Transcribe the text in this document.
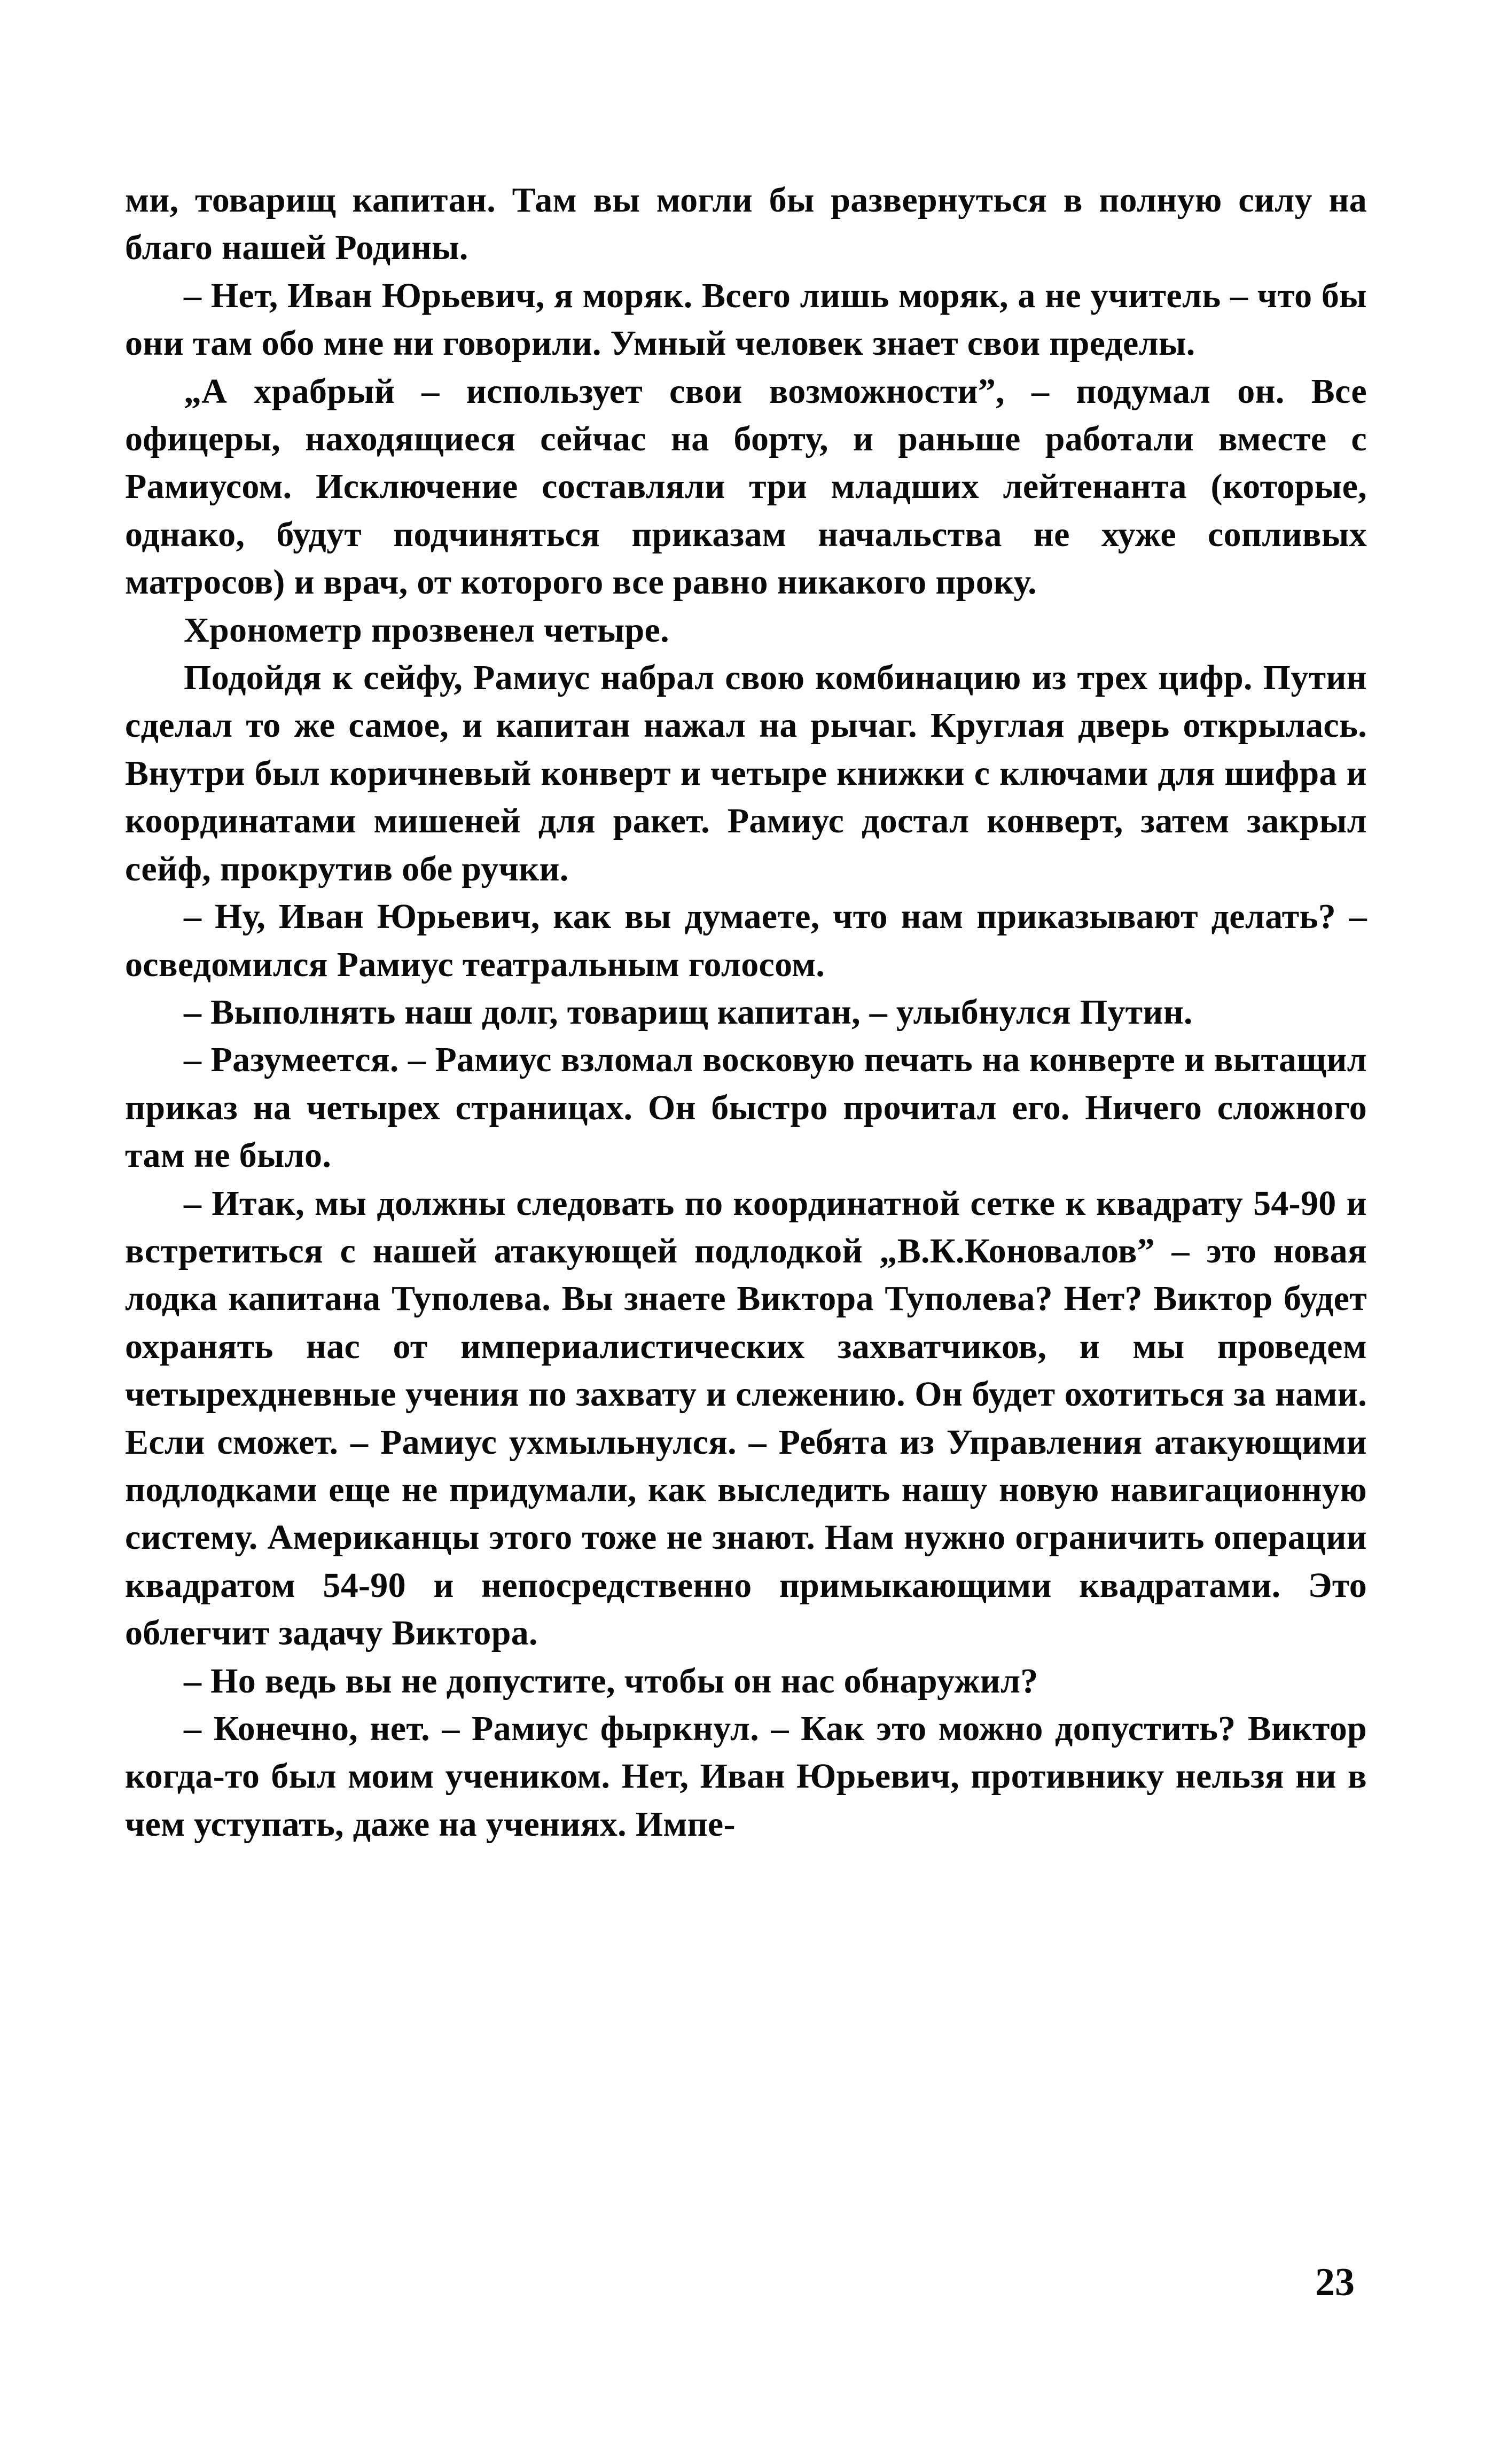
ми, товарищ капитан. Там вы могли бы развернуться в полную силу на благо нашей Родины.

– Нет, Иван Юрьевич, я моряк. Всего лишь моряк, а не учитель – что бы они там обо мне ни говорили. Умный человек знает свои пределы.

„А храбрый – использует свои возможности”, – подумал он. Все офицеры, находящиеся сейчас на борту, и раньше работали вместе с Рамиусом. Исключение составляли три младших лейтенанта (которые, однако, будут подчиняться приказам начальства не хуже сопливых матросов) и врач, от которого все равно никакого проку.

Хронометр прозвенел четыре.

Подойдя к сейфу, Рамиус набрал свою комбинацию из трех цифр. Путин сделал то же самое, и капитан нажал на рычаг. Круглая дверь открылась. Внутри был коричневый конверт и четыре книжки с ключами для шифра и координатами мишеней для ракет. Рамиус достал конверт, затем закрыл сейф, прокрутив обе ручки.

– Ну, Иван Юрьевич, как вы думаете, что нам приказывают делать? – осведомился Рамиус театральным голосом.

– Выполнять наш долг, товарищ капитан, – улыбнулся Путин.

– Разумеется. – Рамиус взломал восковую печать на конверте и вытащил приказ на четырех страницах. Он быстро прочитал его. Ничего сложного там не было.

– Итак, мы должны следовать по координатной сетке к квадрату 54-90 и встретиться с нашей атакующей подлодкой „В.К.Коновалов” – это новая лодка капитана Туполева. Вы знаете Виктора Туполева? Нет? Виктор будет охранять нас от империалистических захватчиков, и мы проведем четырехдневные учения по захвату и слежению. Он будет охотиться за нами. Если сможет. – Рамиус ухмыльнулся. – Ребята из Управления атакующими подлодками еще не придумали, как выследить нашу новую навигационную систему. Американцы этого тоже не знают. Нам нужно ограничить операции квадратом 54-90 и непосредственно примыкающими квадратами. Это облегчит задачу Виктора.

– Но ведь вы не допустите, чтобы он нас обнаружил?

– Конечно, нет. – Рамиус фыркнул. – Как это можно допустить? Виктор когда-то был моим учеником. Нет, Иван Юрьевич, противнику нельзя ни в чем уступать, даже на учениях. Импе-

23
